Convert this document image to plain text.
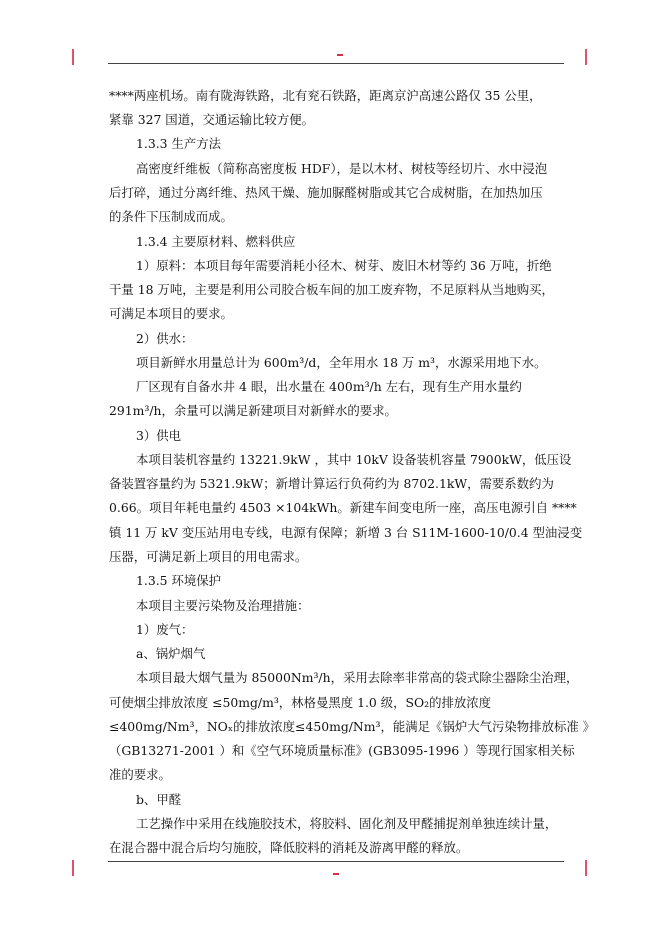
****两座机场。南有陇海铁路，北有兖石铁路，距离京沪高速公路仅 35 公里，
紧靠 327 国道，交通运输比较方便。
1.3.3 生产方法
高密度纤维板（简称高密度板 HDF），是以木材、树枝等经切片、水中浸泡
后打碎，通过分离纤维、热风干燥、施加脲醛树脂或其它合成树脂，在加热加压
的条件下压制成而成。
1.3.4 主要原材料、燃料供应
1）原料：本项目每年需要消耗小径木、树芽、废旧木材等约 36 万吨，折绝
干量 18 万吨，主要是利用公司胶合板车间的加工废弃物，不足原料从当地购买，
可满足本项目的要求。
2）供水：
项目新鲜水用量总计为 600m³/d，全年用水 18 万 m³，水源采用地下水。
厂区现有自备水井 4 眼，出水量在 400m³/h 左右，现有生产用水量约
291m³/h，余量可以满足新建项目对新鲜水的要求。
3）供电
本项目装机容量约 13221.9kW ，其中 10kV 设备装机容量 7900kW，低压设
备装置容量约为 5321.9kW；新增计算运行负荷约为 8702.1kW，需要系数约为
0.66。项目年耗电量约 4503 ×104kWh。新建车间变电所一座，高压电源引自 ****
镇 11 万 kV 变压站用电专线，电源有保障；新增 3 台 S11M-1600-10/0.4 型油浸变
压器，可满足新上项目的用电需求。
1.3.5 环境保护
本项目主要污染物及治理措施：
1）废气：
a、锅炉烟气
本项目最大烟气量为 85000Nm³/h，采用去除率非常高的袋式除尘器除尘治理，
可使烟尘排放浓度 ≤50mg/m³，林格曼黑度 1.0 级，SO₂的排放浓度
≤400mg/Nm³，NOₓ的排放浓度≤450mg/Nm³，能满足《锅炉大气污染物排放标准 》
（GB13271-2001 ）和《空气环境质量标准》(GB3095-1996 ）等现行国家相关标
准的要求。
b、甲醛
工艺操作中采用在线施胶技术，将胶料、固化剂及甲醛捕捉剂单独连续计量，
在混合器中混合后均匀施胶，降低胶料的消耗及游离甲醛的释放。
